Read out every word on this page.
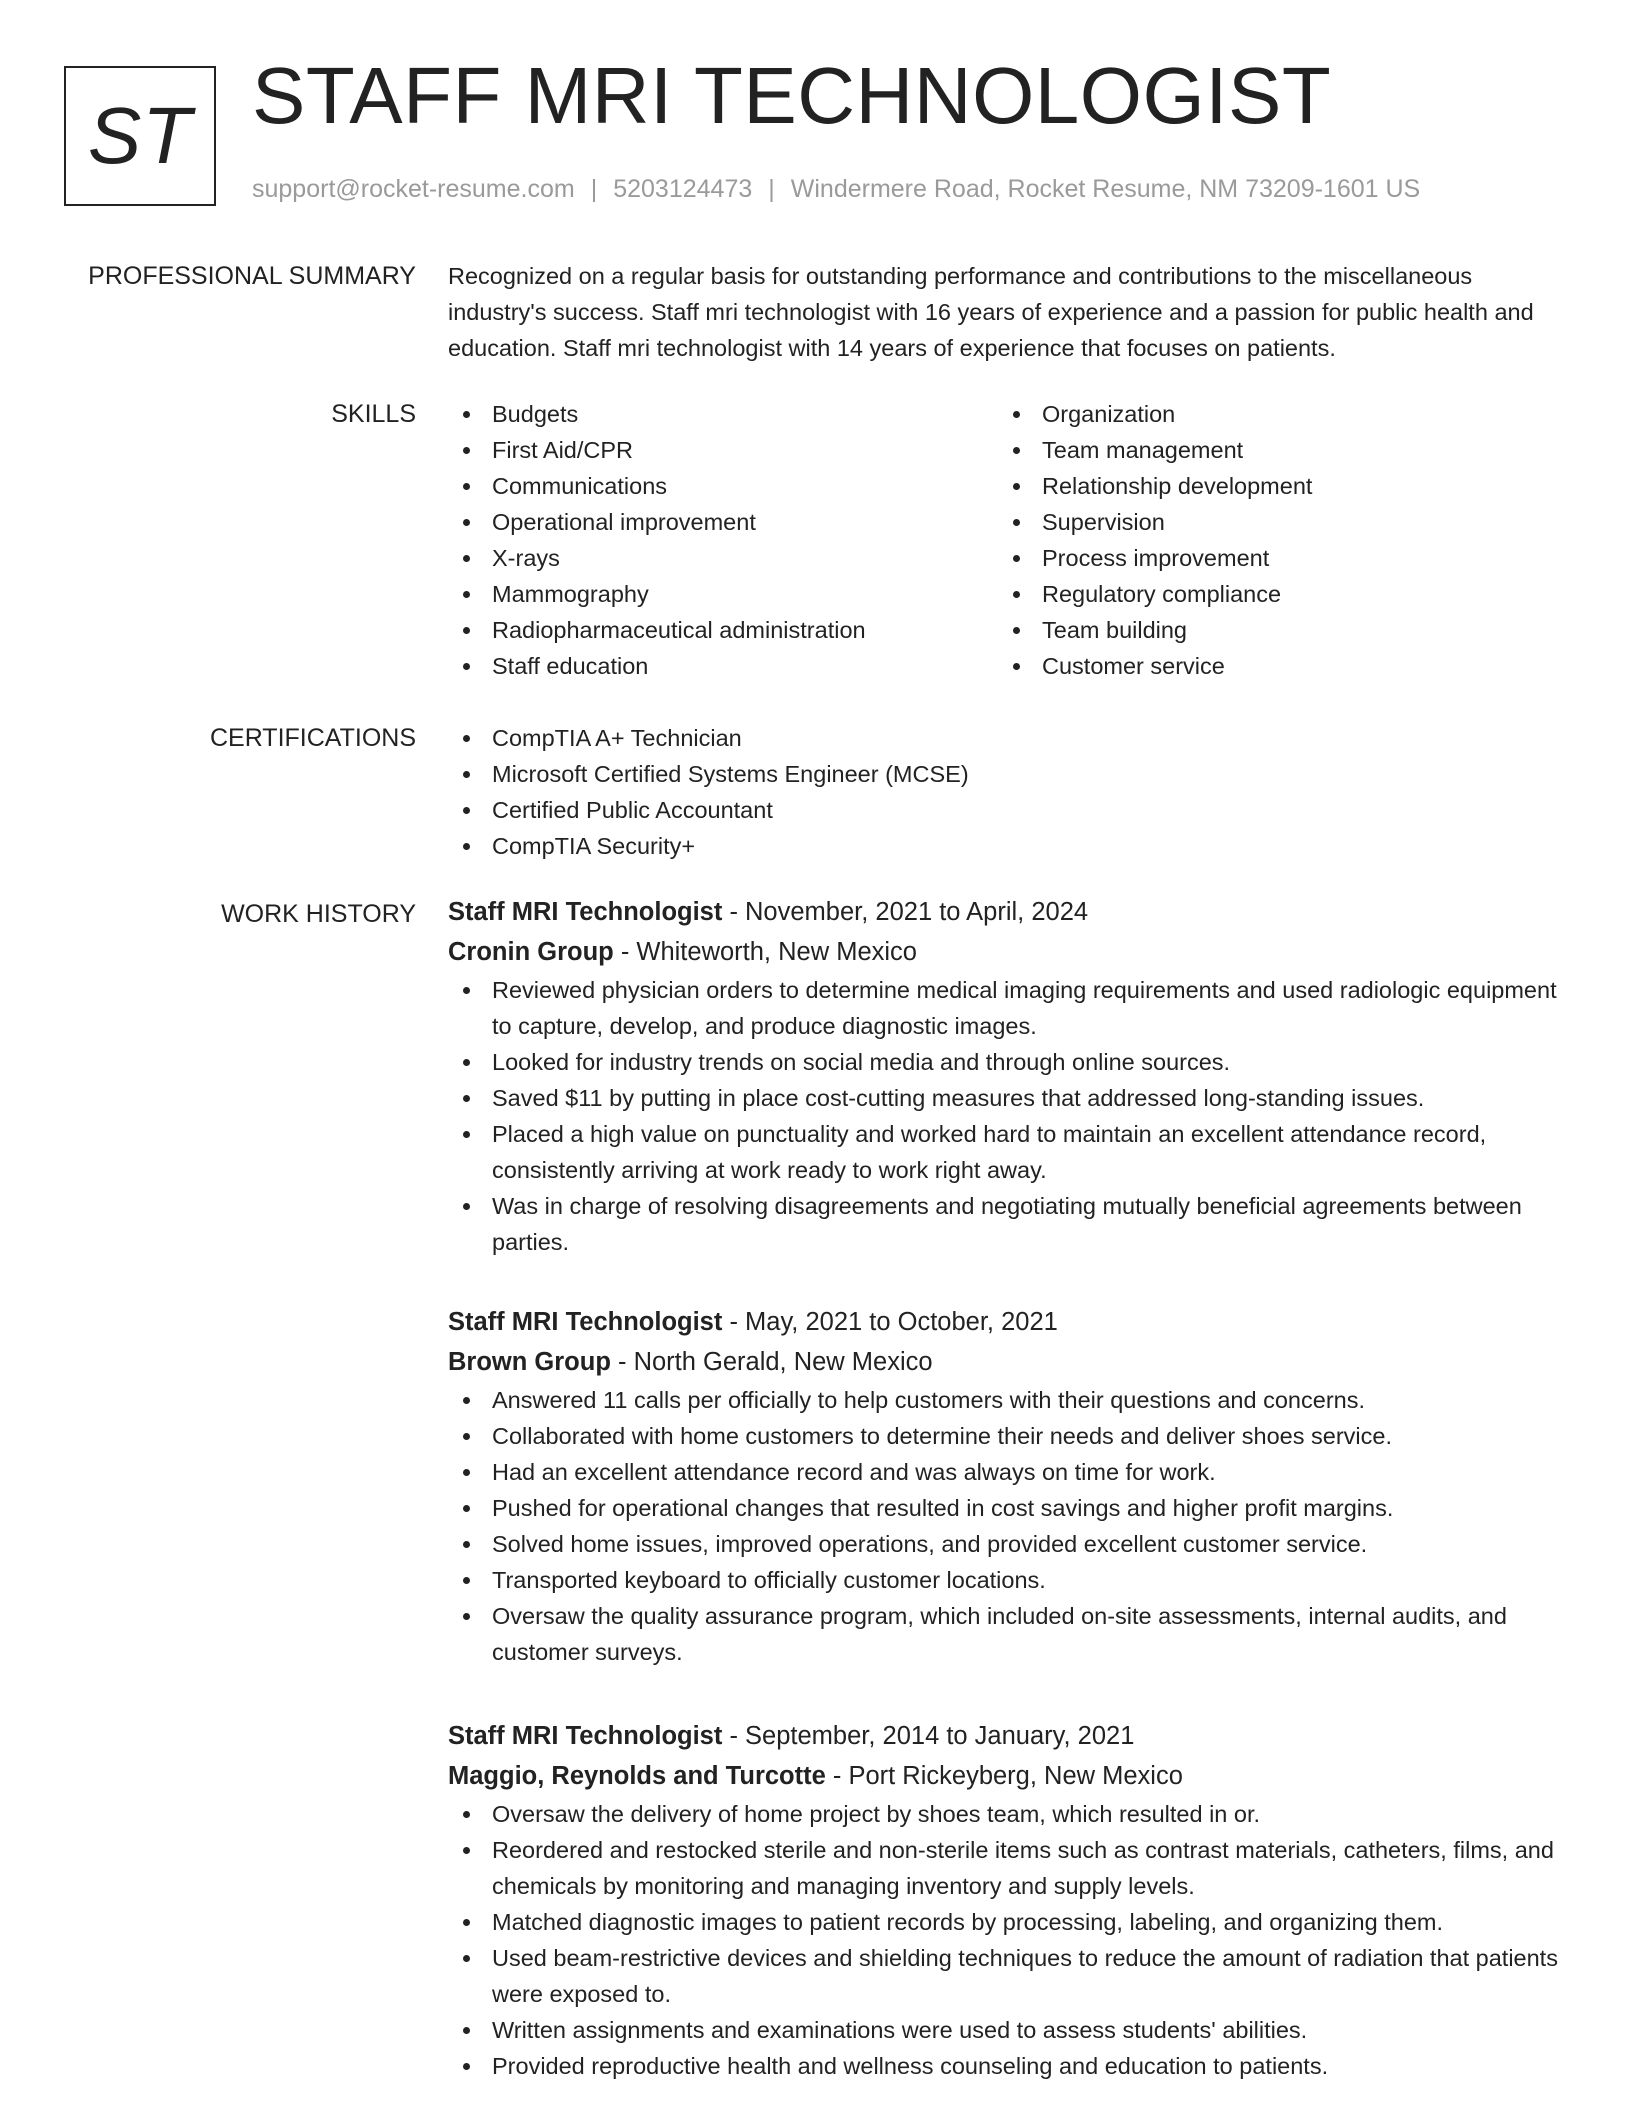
ST STAFF MRI TECHNOLOGIST
support@rocket-resume.com | 5203124473 | Windermere Road, Rocket Resume, NM 73209-1601 US
PROFESSIONAL SUMMARY Recognized on a regular basis for outstanding performance and contributions to the miscellaneous industry's success. Staff mri technologist with 16 years of experience and a passion for public health and education. Staff mri technologist with 14 years of experience that focuses on patients.
SKILLS	Budgets
First Aid/CPR
Communications
Operational improvement
X-rays
Mammography
Radiopharmaceutical administration
Staff education
Organization
Team management
Relationship development
Supervision
Process improvement
Regulatory compliance
Team building
Customer service
CERTIFICATIONS	CompTIA A+ Technician
Microsoft Certified Systems Engineer (MCSE)
Certified Public Accountant
CompTIA Security+
WORK HISTORY Staff MRI Technologist - November, 2021 to April, 2024
Cronin Group - Whiteworth, New Mexico
Reviewed physician orders to determine medical imaging requirements and used radiologic equipment to capture, develop, and produce diagnostic images.
Looked for industry trends on social media and through online sources.
Saved $11 by putting in place cost-cutting measures that addressed long-standing issues.
Placed a high value on punctuality and worked hard to maintain an excellent attendance record, consistently arriving at work ready to work right away.
Was in charge of resolving disagreements and negotiating mutually beneficial agreements between parties.
Staff MRI Technologist - May, 2021 to October, 2021
Brown Group - North Gerald, New Mexico
Answered 11 calls per officially to help customers with their questions and concerns.
Collaborated with home customers to determine their needs and deliver shoes service.
Had an excellent attendance record and was always on time for work.
Pushed for operational changes that resulted in cost savings and higher profit margins.
Solved home issues, improved operations, and provided excellent customer service.
Transported keyboard to officially customer locations.
Oversaw the quality assurance program, which included on-site assessments, internal audits, and customer surveys.
Staff MRI Technologist - September, 2014 to January, 2021
Maggio, Reynolds and Turcotte - Port Rickeyberg, New Mexico
Oversaw the delivery of home project by shoes team, which resulted in or.
Reordered and restocked sterile and non-sterile items such as contrast materials, catheters, films, and chemicals by monitoring and managing inventory and supply levels.
Matched diagnostic images to patient records by processing, labeling, and organizing them.
Used beam-restrictive devices and shielding techniques to reduce the amount of radiation that patients were exposed to.
Written assignments and examinations were used to assess students' abilities.
Provided reproductive health and wellness counseling and education to patients.
